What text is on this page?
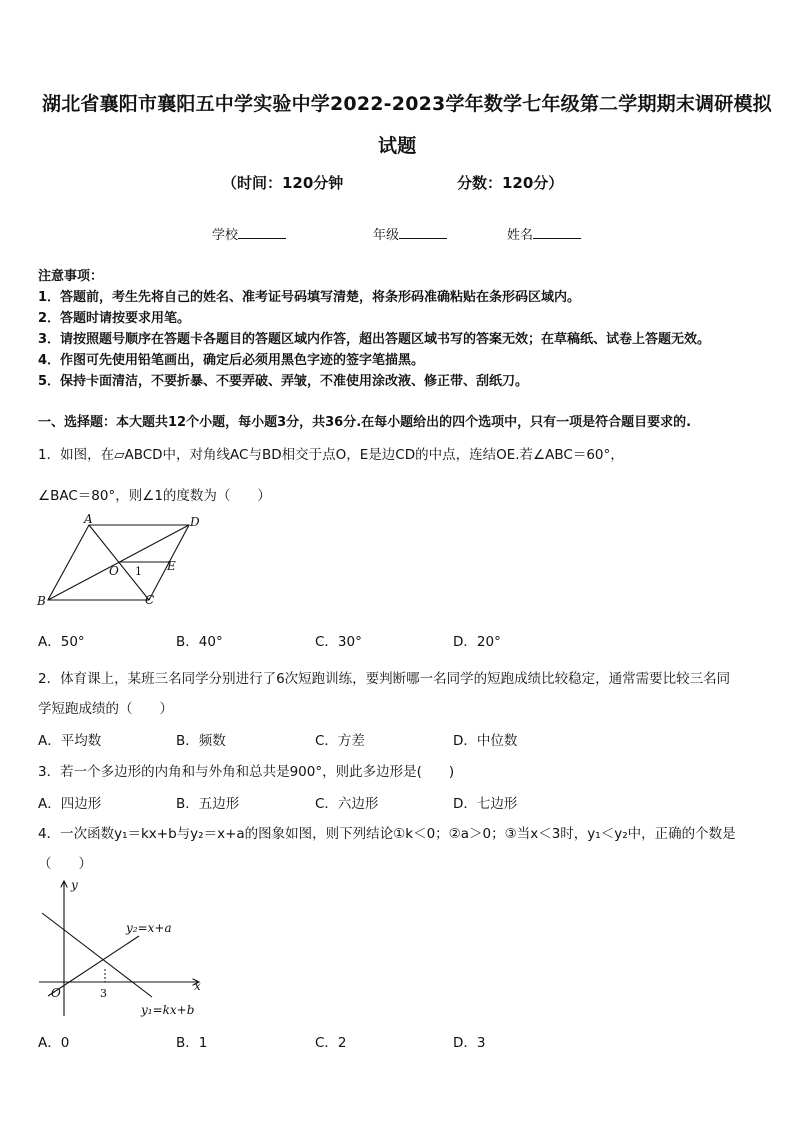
湖北省襄阳市襄阳五中学实验中学2022-2023学年数学七年级第二学期期末调研模拟
试题
（时间：120分钟	分数：120分）
学校	年级	姓名
注意事项：
1．答题前，考生先将自己的姓名、准考证号码填写清楚，将条形码准确粘贴在条形码区域内。
2．答题时请按要求用笔。
3．请按照题号顺序在答题卡各题目的答题区域内作答，超出答题区域书写的答案无效；在草稿纸、试卷上答题无效。
4．作图可先使用铅笔画出，确定后必须用黑色字迹的签字笔描黑。
5．保持卡面清洁，不要折暴、不要弄破、弄皱，不准使用涂改液、修正带、刮纸刀。
一、选择题：本大题共12个小题，每小题3分，共36分.在每小题给出的四个选项中，只有一项是符合题目要求的.
1．如图，在▱ABCD中，对角线AC与BD相交于点O，E是边CD的中点，连结OE.若∠ABC＝60°，
∠BAC＝80°，则∠1的度数为（　　）
A	D
C
B
O	E
1
A．50°	B．40°	C．30°	D．20°
2．体育课上，某班三名同学分别进行了6次短跑训练，要判断哪一名同学的短跑成绩比较稳定，通常需要比较三名同
学短跑成绩的（　　）
A．平均数	B．频数	C．方差	D．中位数
3．若一个多边形的内角和与外角和总共是900°，则此多边形是(　　)
A．四边形	B．五边形	C．六边形	D．七边形
4．一次函数y₁＝kx+b与y₂＝x+a的图象如图，则下列结论①k＜0；②a＞0；③当x＜3时，y₁＜y₂中，正确的个数是
（　　）
y
x
O	3
y₂=x+a
y₁=kx+b
A．0	B．1	C．2	D．3
